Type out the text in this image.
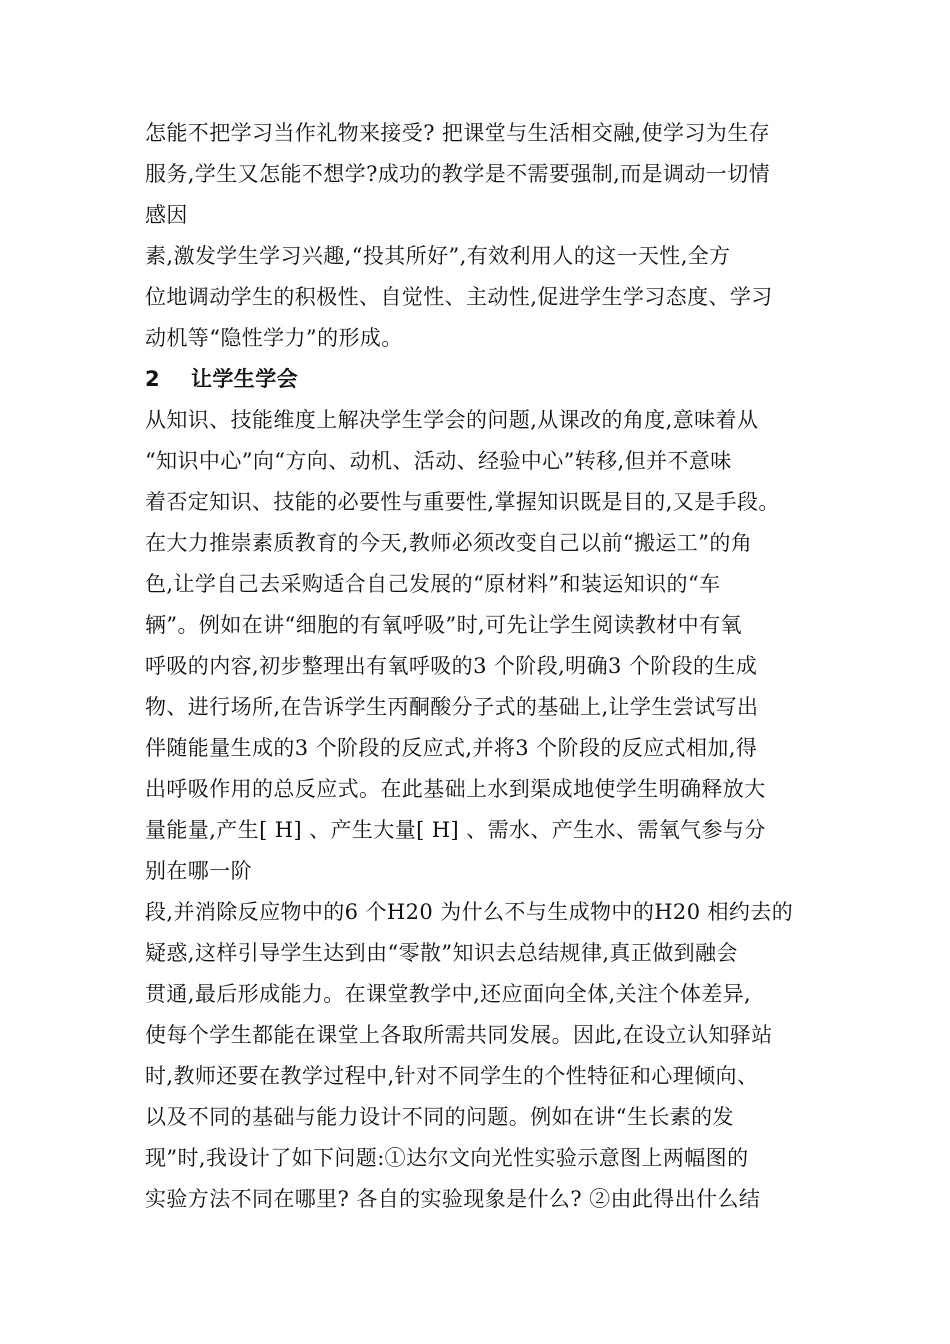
怎能不把学习当作礼物来接受? 把课堂与生活相交融,使学习为生存
服务,学生又怎能不想学?成功的教学是不需要强制,而是调动一切情
感因
素,激发学生学习兴趣,“投其所好”,有效利用人的这一天性,全方
位地调动学生的积极性、自觉性、主动性,促进学生学习态度、学习
动机等“隐性学力”的形成。
2 让学生学会
从知识、技能维度上解决学生学会的问题,从课改的角度,意味着从
“知识中心”向“方向、动机、活动、经验中心”转移,但并不意味
着否定知识、技能的必要性与重要性,掌握知识既是目的,又是手段。
在大力推崇素质教育的今天,教师必须改变自己以前“搬运工”的角
色,让学自己去采购适合自己发展的“原材料”和装运知识的“车
辆”。例如在讲“细胞的有氧呼吸”时,可先让学生阅读教材中有氧
呼吸的内容,初步整理出有氧呼吸的3 个阶段,明确3 个阶段的生成
物、进行场所,在告诉学生丙酮酸分子式的基础上,让学生尝试写出
伴随能量生成的3 个阶段的反应式,并将3 个阶段的反应式相加,得
出呼吸作用的总反应式。在此基础上水到渠成地使学生明确释放大
量能量,产生[ H] 、产生大量[ H] 、需水、产生水、需氧气参与分
别在哪一阶
段,并消除反应物中的6 个H20 为什么不与生成物中的H20 相约去的
疑惑,这样引导学生达到由“零散”知识去总结规律,真正做到融会
贯通,最后形成能力。在课堂教学中,还应面向全体,关注个体差异,
使每个学生都能在课堂上各取所需共同发展。因此,在设立认知驿站
时,教师还要在教学过程中,针对不同学生的个性特征和心理倾向、
以及不同的基础与能力设计不同的问题。例如在讲“生长素的发
现”时,我设计了如下问题:①达尔文向光性实验示意图上两幅图的
实验方法不同在哪里? 各自的实验现象是什么? ②由此得出什么结
